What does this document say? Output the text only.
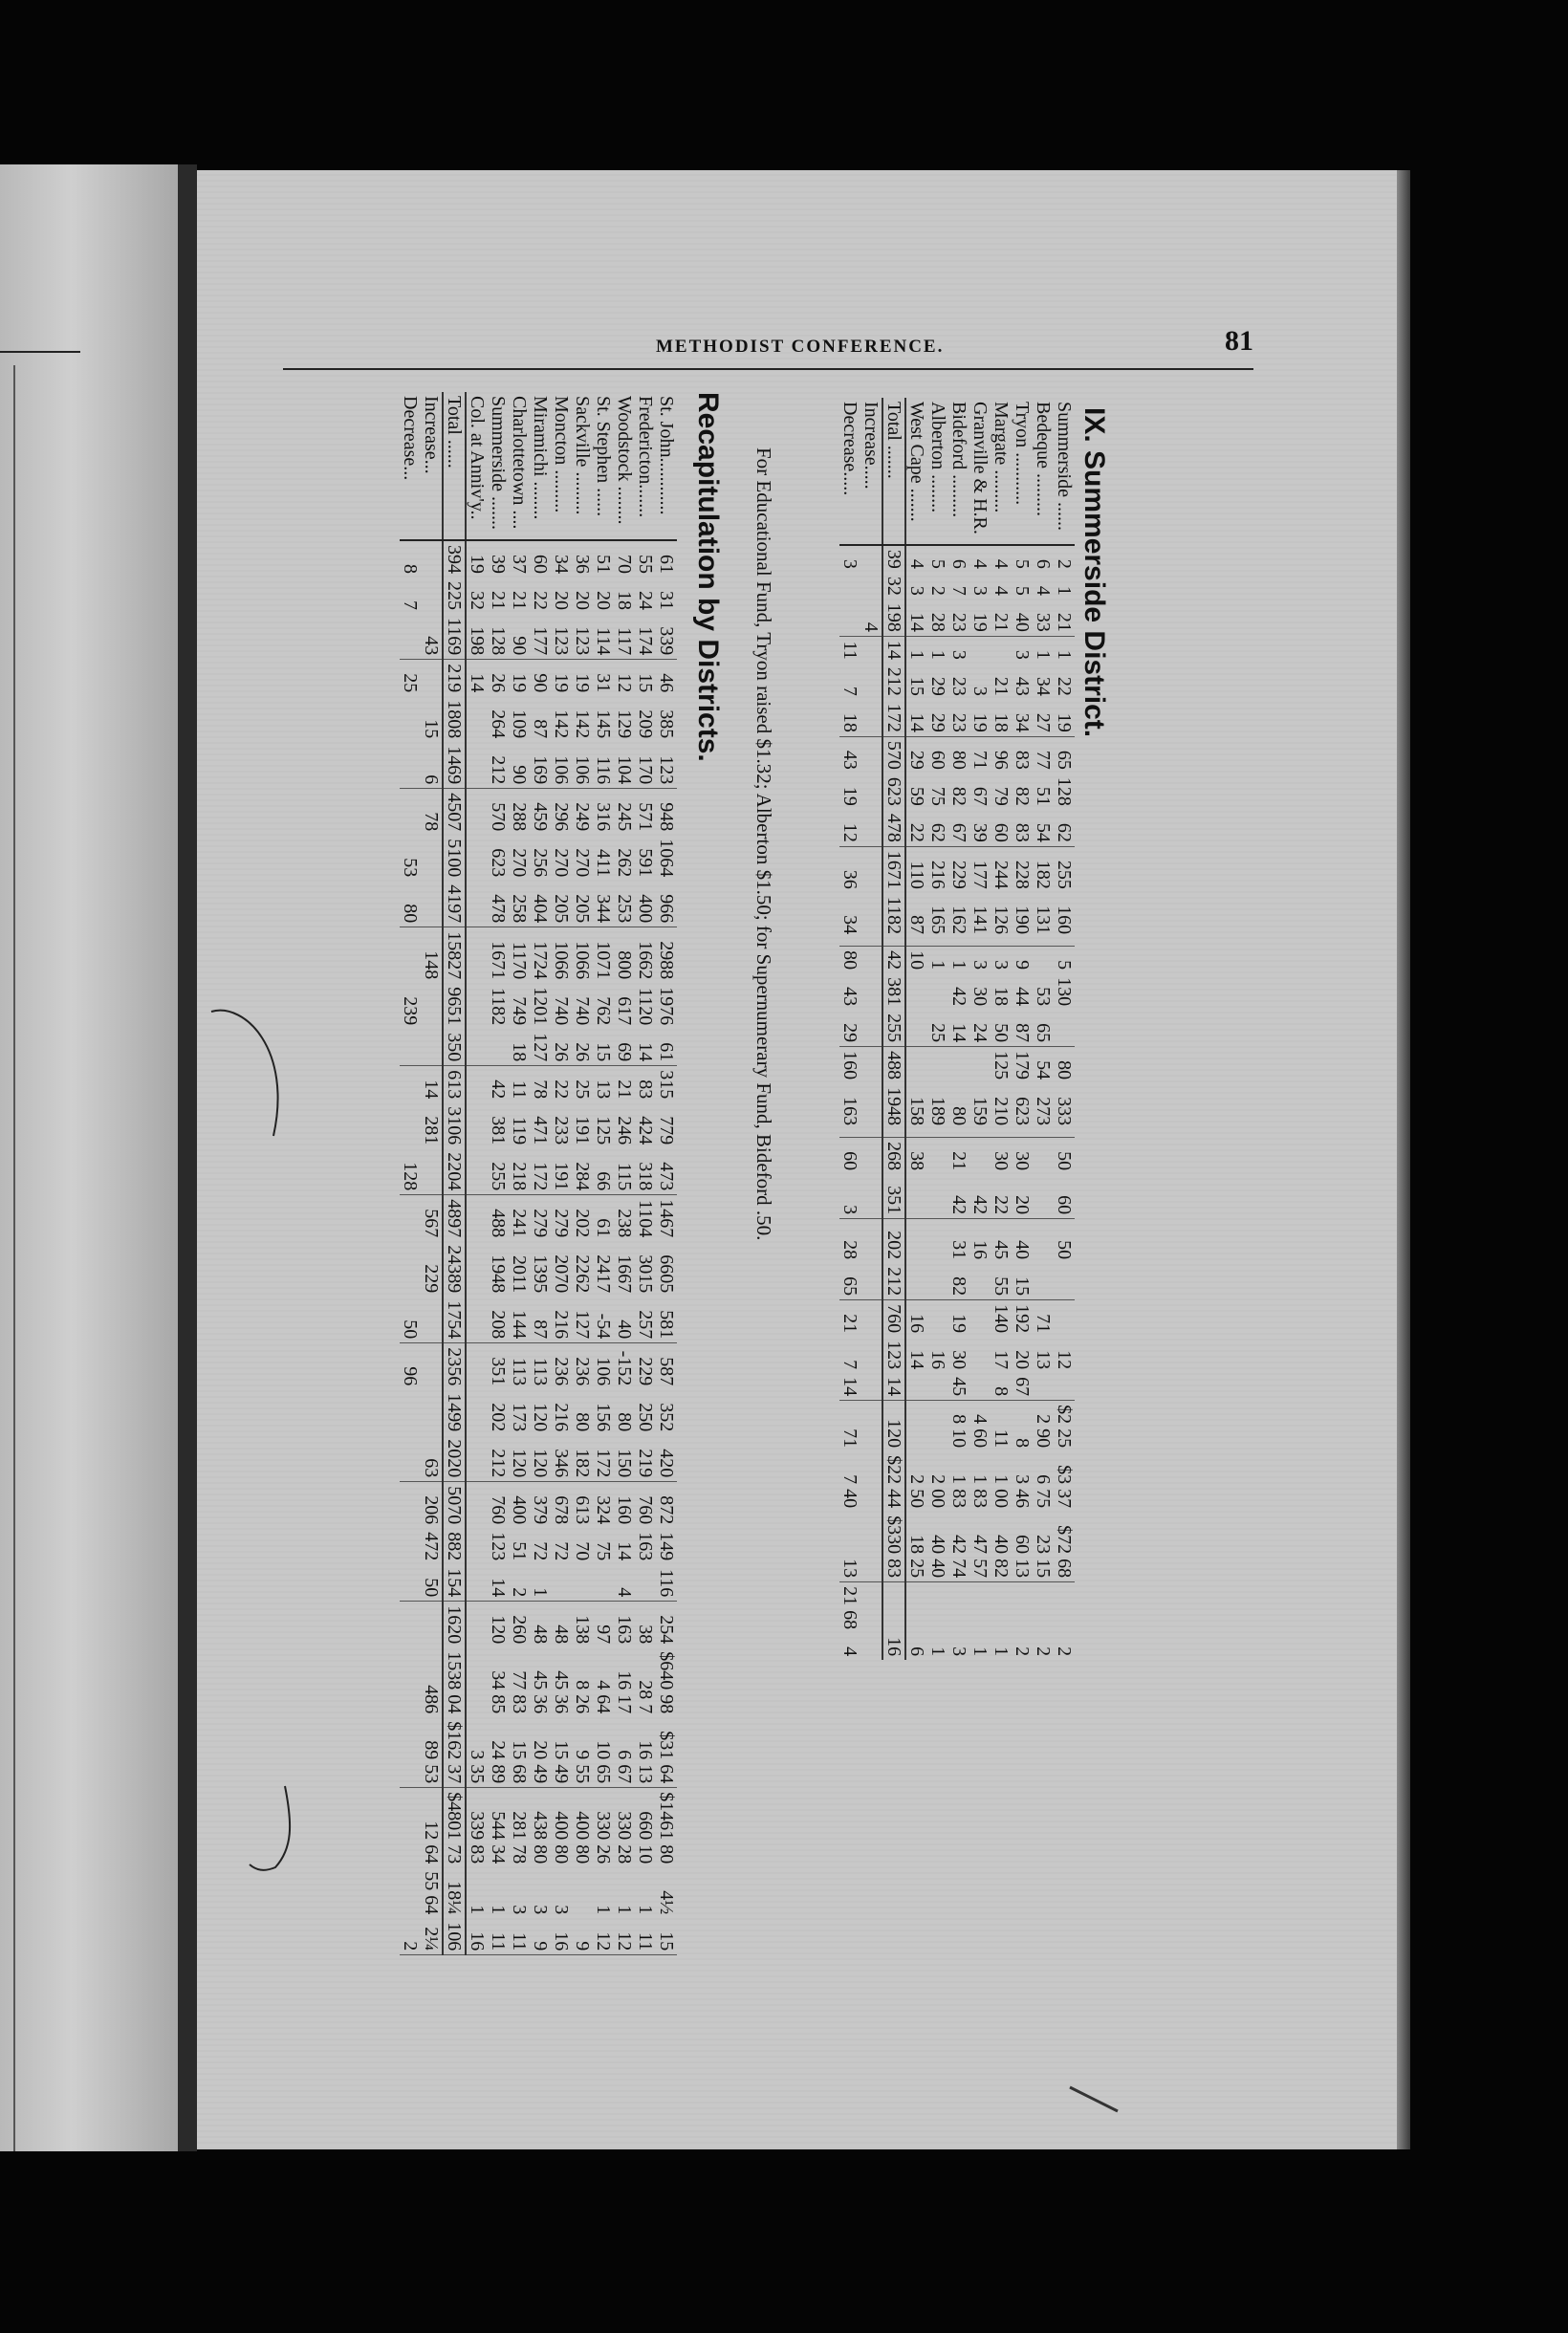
METHODIST CONFERENCE.	81
IX. Summerside District.
Summerside ......	2	1	21	1	22	19	65	128	62	255	160		5	130		80	333		50		60		50			12		$2 25	$3 37	$72 68		2
Bedeque .........	6	4	33	1	34	27	77	51	54	182	131			53	65	54	273								71	13		2 90	6 75	23 15		2
Tryon ...........	5	5	40	3	43	34	83	82	83	228	190		9	44	87	179	623		30		20		40	15	192	20	67	8	3 46	60 13		2
Margate .........	4	4	21		21	18	96	79	60	244	126		3	18	50	125	210		30		22		45	55	140	17	8	11	1 00	40 82		1
Granville & H.R.	4	3	19		3	19	71	67	39	177	141		3	30	24		159				42		16					4 60	1 83	47 57		1
Bideford .........	6	7	23	3	23	23	80	82	67	229	162		1	42	14		80		21		42		31	82	19	30	45	8 10	1 83	42 74		3
Alberton ........	5	2	28	1	29	29	60	75	62	216	165		1		25		189									16			2 00	40 40		1
West Cape .......	4	3	14	1	15	14	29	59	22	110	87		10				158		38						16	14			2 50	18 25		6
Total .......	39	32	198	14	212	172	570	623	478	1671	1182		42	381	255	488	1948		268		351		202	212	760	123	14	120	$22 44	$330 83		16
Increase.....			4																													
Decrease.....	3			11	7	18	43	19	12	36	34		80	43	29	160	163		60		3		28	65	21	7	14	71	7 40	13	21 68	4
For Educational Fund, Tryon raised $1.32; Alberton $1.50; for Supernumerary Fund, Bideford .50.
Recapitulation by Districts.
St. John............	61	31	339	46	385	123	948	1064	966	2988	1976	61	315	779	473	1467	6605	581	587	352	420	872	149	116	254	$640 98	$31 64	$1461 80	4½	15
Fredericton.......	55	24	174	15	209	170	571	591	400	1662	1120	14	83	424	318	1104	3015	257	229	250	219	760	163		38	28 7	16 13	660 10	1	11
Woodstock ........	70	18	117	12	129	104	245	262	253	800	617	69	21	246	115	238	1667	40	-152	80	150	160	14	4	163	16 17	6 67	330 28	1	12
St. Stephen ......	51	20	114	31	145	116	316	411	344	1071	762	15	13	125	66	61	2417	-54	106	156	172	324	75		97	4 64	10 65	330 26	1	12
Sackville .........	36	20	123	19	142	106	249	270	205	1066	740	26	25	191	284	202	2262	127	236	80	182	613	70		138	8 26	9 55	400 80		9
Moncton .........	34	20	123	19	142	106	296	270	205	1066	740	26	22	233	191	279	2070	216	236	216	346	678	72		48	45 36	15 49	400 80	3	16
Miramichi ........	60	22	177	90	87	169	459	256	404	1724	1201	127	78	471	172	279	1395	87	113	120	120	379	72	1	48	45 36	20 49	438 80	3	9
Charlottetown ....	37	21	90	19	109	90	288	270	258	1170	749	18	11	119	218	241	2011	144	113	173	120	400	51	2	260	77 83	15 68	281 78	3	11
Summerside .......	39	21	128	26	264	212	570	623	478	1671	1182		42	381	255	488	1948	208	351	202	212	760	123	14	120	34 85	24 89	544 34	1	11
Col. at Anniv'y..	19	32	198	14																							3 35	339 83	1	16
Total ......	394	225	1169	219	1808	1469	4507	5100	4197	15827	9651	350	613	3106	2204	4897	24389	1754	2356	1499	2020	5070	882	154	1620	1538 04	$162 37	$4801 73	18¼	106
Increase...			43		15	6	78			148			14	281		567	229				63	206	472	50		486	89 53	12 64	55 64	2¼
Decrease...	8	7		25				53	80		239				128			50	96											2
